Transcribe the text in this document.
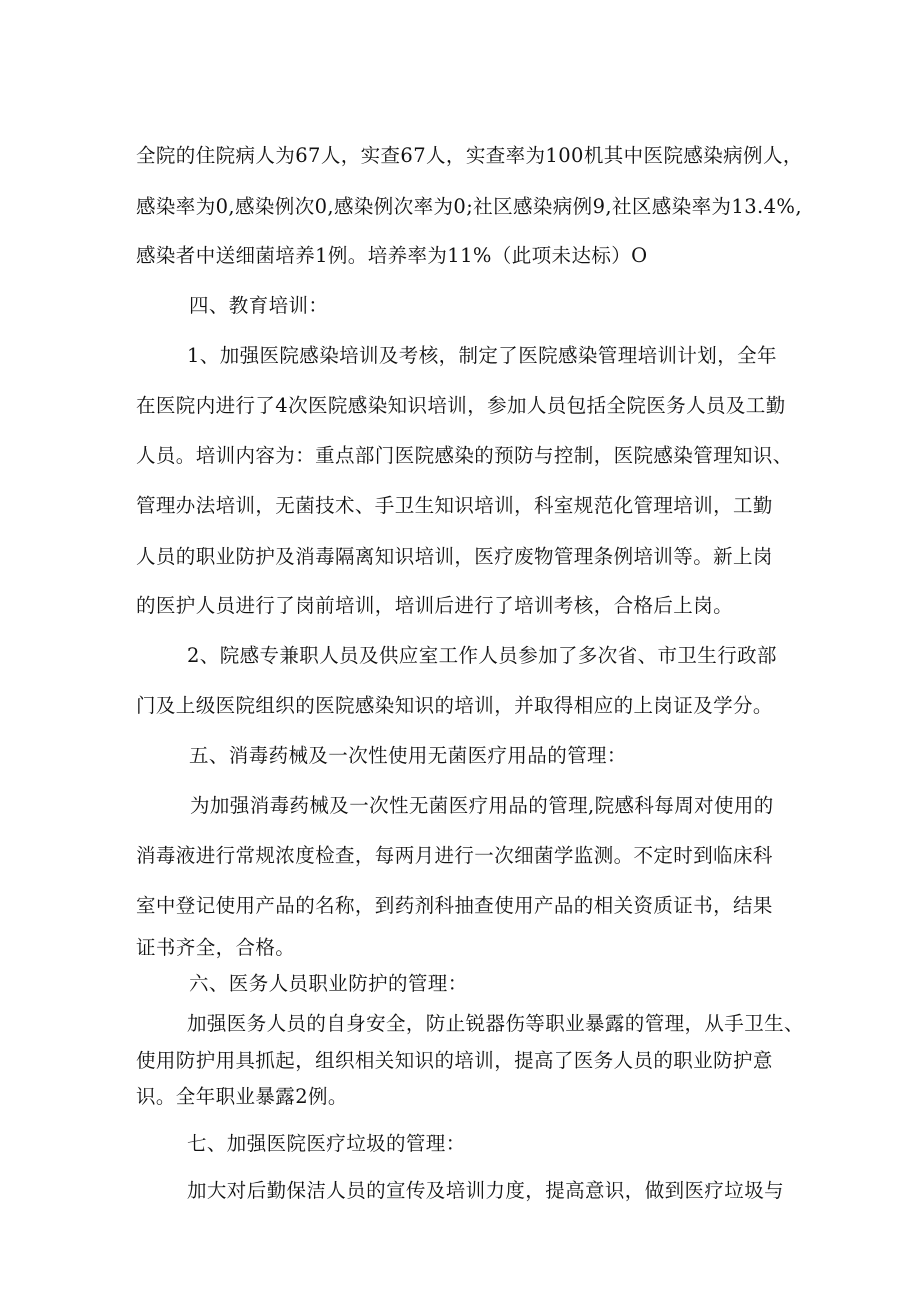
全院的住院病人为67人，实查67人，实查率为100机其中医院感染病例人，
感染率为0,感染例次0,感染例次率为0;社区感染病例9,社区感染率为13.4%,
感染者中送细菌培养1例。培养率为11%（此项未达标）O
四、教育培训：
1、加强医院感染培训及考核，制定了医院感染管理培训计划，全年
在医院内进行了4次医院感染知识培训，参加人员包括全院医务人员及工勤
人员。培训内容为：重点部门医院感染的预防与控制，医院感染管理知识、
管理办法培训，无菌技术、手卫生知识培训，科室规范化管理培训，工勤
人员的职业防护及消毒隔离知识培训，医疗废物管理条例培训等。新上岗
的医护人员进行了岗前培训，培训后进行了培训考核，合格后上岗。
2、院感专兼职人员及供应室工作人员参加了多次省、市卫生行政部
门及上级医院组织的医院感染知识的培训，并取得相应的上岗证及学分。
五、消毒药械及一次性使用无菌医疗用品的管理：
为加强消毒药械及一次性无菌医疗用品的管理,院感科每周对使用的
消毒液进行常规浓度检查，每两月进行一次细菌学监测。不定时到临床科
室中登记使用产品的名称，到药剂科抽查使用产品的相关资质证书，结果
证书齐全，合格。
六、医务人员职业防护的管理：
加强医务人员的自身安全，防止锐器伤等职业暴露的管理，从手卫生、
使用防护用具抓起，组织相关知识的培训，提高了医务人员的职业防护意
识。全年职业暴露2例。
七、加强医院医疗垃圾的管理：
加大对后勤保洁人员的宣传及培训力度，提高意识，做到医疗垃圾与
